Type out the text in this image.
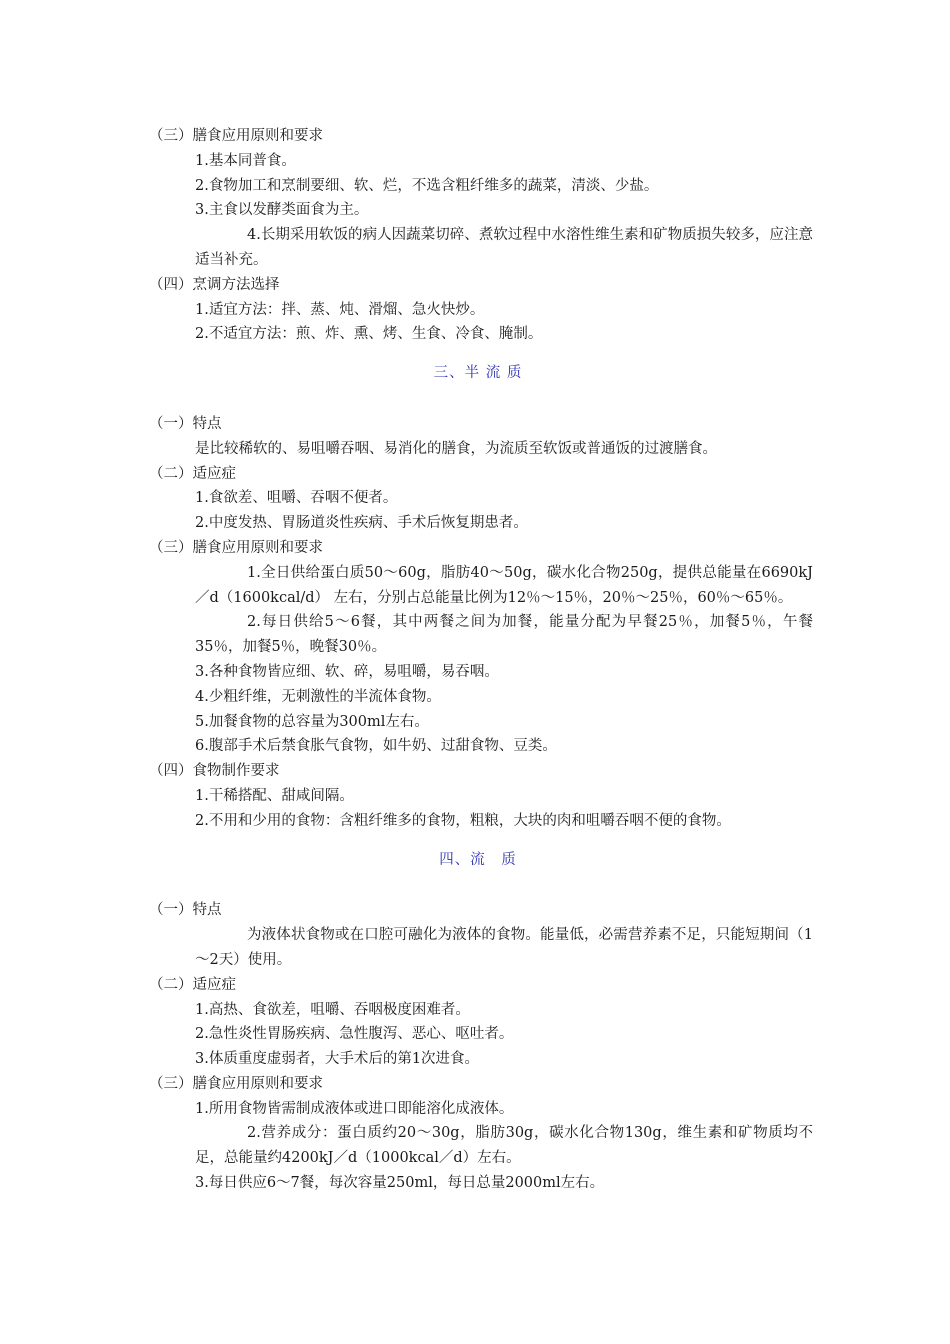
（三）膳食应用原则和要求
1.基本同普食。
2.食物加工和烹制要细、软、烂，不选含粗纤维多的蔬菜，清淡、少盐。
3.主食以发酵类面食为主。
4.长期采用软饭的病人因蔬菜切碎、煮软过程中水溶性维生素和矿物质损失较多，应注意适当补充。
（四）烹调方法选择
1.适宜方法：拌、蒸、炖、滑熘、急火快炒。
2.不适宜方法：煎、炸、熏、烤、生食、冷食、腌制。
三、半 流 质
（一）特点
是比较稀软的、易咀嚼吞咽、易消化的膳食，为流质至软饭或普通饭的过渡膳食。
（二）适应症
1.食欲差、咀嚼、吞咽不便者。
2.中度发热、胃肠道炎性疾病、手术后恢复期患者。
（三）膳食应用原则和要求
1.全日供给蛋白质50～60g，脂肪40～50g，碳水化合物250g，提供总能量在6690kJ／d（1600kcal/d） 左右，分别占总能量比例为12％～15％，20％～25％，60％～65％。
2.每日供给5～6餐，其中两餐之间为加餐，能量分配为早餐25％，加餐5％，午餐35％，加餐5％，晚餐30％。
3.各种食物皆应细、软、碎，易咀嚼，易吞咽。
4.少粗纤维，无刺激性的半流体食物。
5.加餐食物的总容量为300ml左右。
6.腹部手术后禁食胀气食物，如牛奶、过甜食物、豆类。
（四）食物制作要求
1.干稀搭配、甜咸间隔。
2.不用和少用的食物：含粗纤维多的食物，粗粮，大块的肉和咀嚼吞咽不便的食物。
四、流　质
（一）特点
为液体状食物或在口腔可融化为液体的食物。能量低，必需营养素不足，只能短期间（1～2天）使用。
（二）适应症
1.高热、食欲差，咀嚼、吞咽极度困难者。
2.急性炎性胃肠疾病、急性腹泻、恶心、呕吐者。
3.体质重度虚弱者，大手术后的第1次进食。
（三）膳食应用原则和要求
1.所用食物皆需制成液体或进口即能溶化成液体。
2.营养成分：蛋白质约20～30g，脂肪30g，碳水化合物130g，维生素和矿物质均不足，总能量约4200kJ／d（1000kcal／d）左右。
3.每日供应6～7餐，每次容量250ml，每日总量2000ml左右。
